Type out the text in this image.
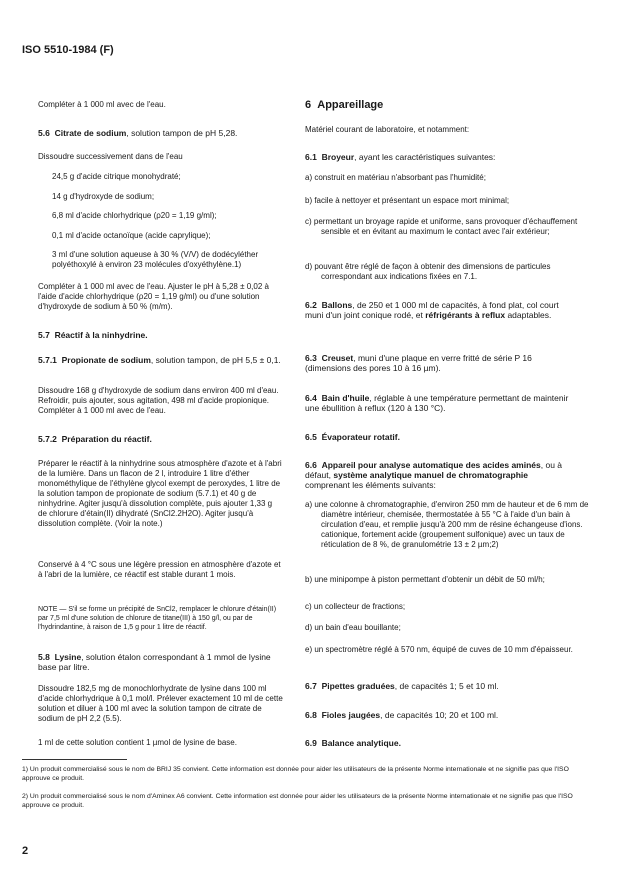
ISO 5510-1984 (F)

Compléter à 1 000 ml avec de l'eau.

5.6 Citrate de sodium, solution tampon de pH 5,28.

Dissoudre successivement dans de l'eau

24,5 g d'acide citrique monohydraté;

14 g d'hydroxyde de sodium;

6,8 ml d'acide chlorhydrique (ρ20 = 1,19 g/ml);

0,1 ml d'acide octanoïque (acide caprylique);

3 ml d'une solution aqueuse à 30 % (V/V) de dodécyléther polyéthoxylé à environ 23 molécules d'oxyéthylène.1)

Compléter à 1 000 ml avec de l'eau. Ajuster le pH à 5,28 ± 0,02 à l'aide d'acide chlorhydrique (ρ20 = 1,19 g/ml) ou d'une solution d'hydroxyde de sodium à 50 % (m/m).

5.7 Réactif à la ninhydrine.

5.7.1 Propionate de sodium, solution tampon, de pH 5,5 ± 0,1.

Dissoudre 168 g d'hydroxyde de sodium dans environ 400 ml d'eau. Refroidir, puis ajouter, sous agitation, 498 ml d'acide propionique. Compléter à 1 000 ml avec de l'eau.

5.7.2 Préparation du réactif.

Préparer le réactif à la ninhydrine sous atmosphère d'azote et à l'abri de la lumière. Dans un flacon de 2 l, introduire 1 litre d'éther monométhylique de l'éthylène glycol exempt de peroxydes, 1 litre de la solution tampon de propionate de sodium (5.7.1) et 40 g de ninhydrine. Agiter jusqu'à dissolution complète, puis ajouter 1,33 g de chlorure d'étain(II) dihydraté (SnCl2.2H2O). Agiter jusqu'à dissolution complète. (Voir la note.)

Conservé à 4 °C sous une légère pression en atmosphère d'azote et à l'abri de la lumière, ce réactif est stable durant 1 mois.

NOTE — S'il se forme un précipité de SnCl2, remplacer le chlorure d'étain(II) par 7,5 ml d'une solution de chlorure de titane(III) à 150 g/l, ou par de l'hydrindantine, à raison de 1,5 g pour 1 litre de réactif.

5.8 Lysine, solution étalon correspondant à 1 mmol de lysine base par litre.

Dissoudre 182,5 mg de monochlorhydrate de lysine dans 100 ml d'acide chlorhydrique à 0,1 mol/l. Prélever exactement 10 ml de cette solution et diluer à 100 ml avec la solution tampon de citrate de sodium de pH 2,2 (5.5).

1 ml de cette solution contient 1 µmol de lysine de base.

6 Appareillage

Matériel courant de laboratoire, et notamment:

6.1 Broyeur, ayant les caractéristiques suivantes:

a) construit en matériau n'absorbant pas l'humidité;

b) facile à nettoyer et présentant un espace mort minimal;

c) permettant un broyage rapide et uniforme, sans provoquer d'échauffement sensible et en évitant au maximum le contact avec l'air extérieur;

d) pouvant être réglé de façon à obtenir des dimensions de particules correspondant aux indications fixées en 7.1.

6.2 Ballons, de 250 et 1 000 ml de capacités, à fond plat, col court muni d'un joint conique rodé, et réfrigérants à reflux adaptables.

6.3 Creuset, muni d'une plaque en verre fritté de série P 16 (dimensions des pores 10 à 16 µm).

6.4 Bain d'huile, réglable à une température permettant de maintenir une ébullition à reflux (120 à 130 °C).

6.5 Évaporateur rotatif.

6.6 Appareil pour analyse automatique des acides aminés, ou à défaut, système analytique manuel de chromatographie comprenant les éléments suivants:

a) une colonne à chromatographie, d'environ 250 mm de hauteur et de 6 mm de diamètre intérieur, chemisée, thermostatée à 55 °C à l'aide d'un bain à circulation d'eau, et remplie jusqu'à 200 mm de résine échangeuse d'ions. cationique, fortement acide (groupement sulfonique) avec un taux de réticulation de 8 %, de granulométrie 13 ± 2 µm;2)

b) une minipompe à piston permettant d'obtenir un débit de 50 ml/h;

c) un collecteur de fractions;

d) un bain d'eau bouillante;

e) un spectromètre réglé à 570 nm, équipé de cuves de 10 mm d'épaisseur.

6.7 Pipettes graduées, de capacités 1; 5 et 10 ml.

6.8 Fioles jaugées, de capacités 10; 20 et 100 ml.

6.9 Balance analytique.

1) Un produit commercialisé sous le nom de BRIJ 35 convient. Cette information est donnée pour aider les utilisateurs de la présente Norme internationale et ne signifie pas que l'ISO approuve ce produit.

2) Un produit commercialisé sous le nom d'Aminex A6 convient. Cette information est donnée pour aider les utilisateurs de la présente Norme internationale et ne signifie pas que l'ISO approuve ce produit.

2
